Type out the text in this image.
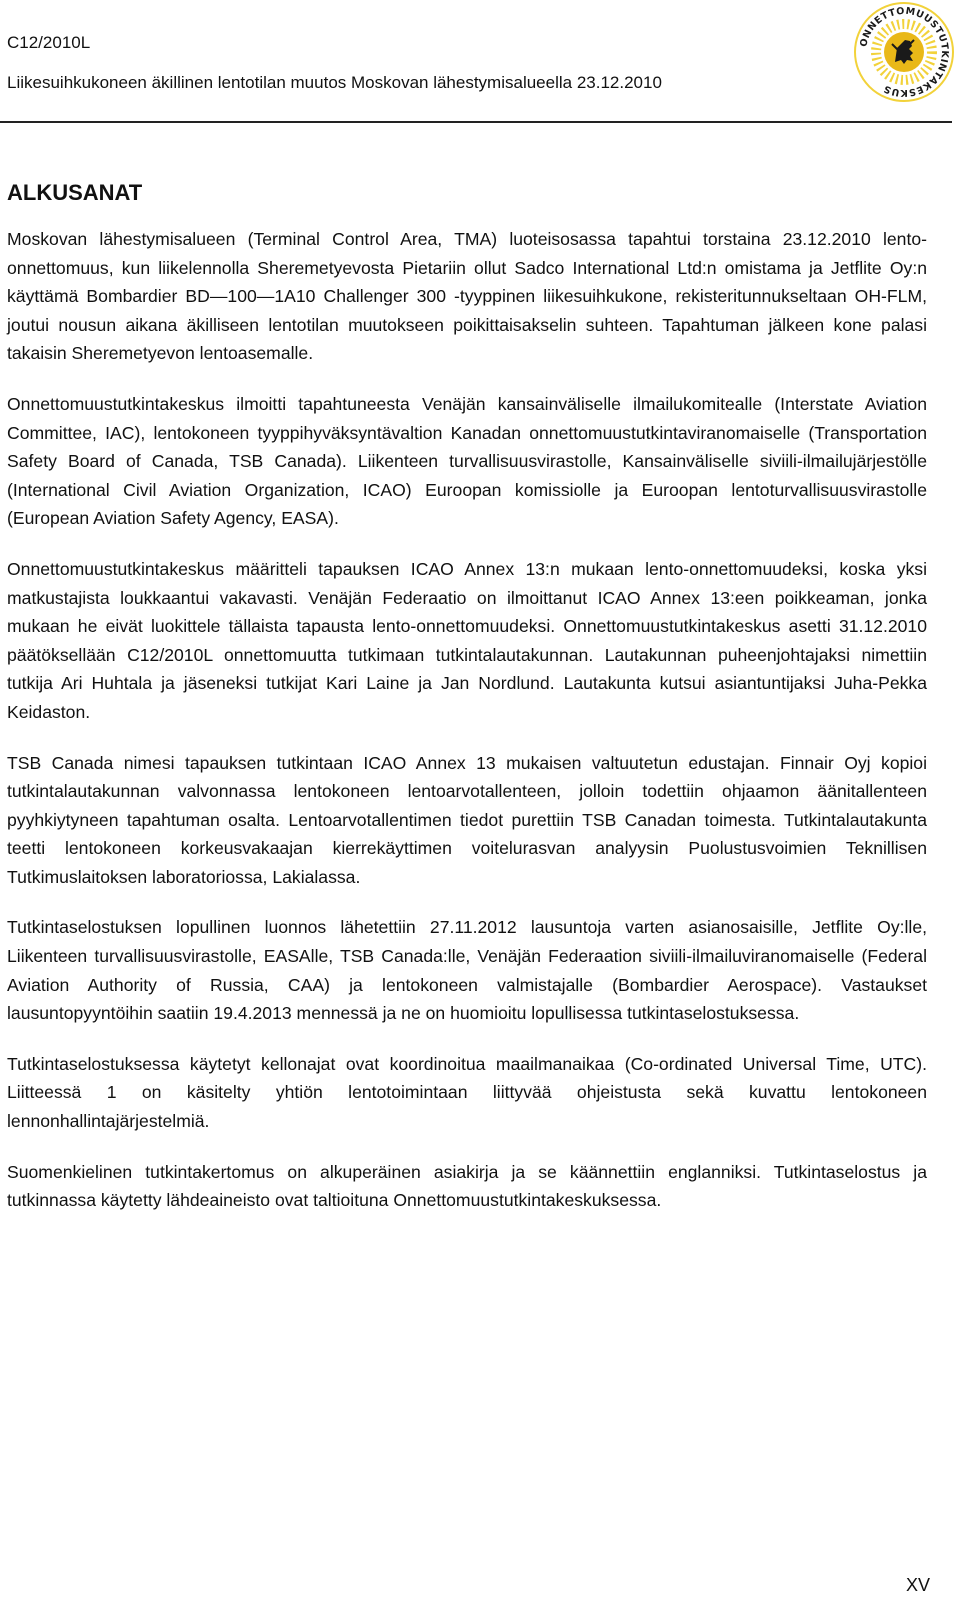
C12/2010L
Liikesuihkukoneen äkillinen lentotilan muutos Moskovan lähestymisalueella 23.12.2010
ONNETTOMUUSTUTKINTAKESKUS
ALKUSANAT

Moskovan lähestymisalueen (Terminal Control Area, TMA) luoteisosassa tapahtui torstaina 23.12.2010 lento-onnettomuus, kun liikelennolla Sheremetyevosta Pietariin ollut Sadco International Ltd:n omistama ja Jetflite Oy:n käyttämä Bombardier BD—100—1A10 Challenger 300 -tyyppinen liikesuihkukone, rekisteritunnukseltaan OH-FLM, joutui nousun aikana äkilliseen lentotilan muutokseen poikittaisakselin suhteen. Tapahtuman jälkeen kone palasi takaisin Sheremetyevon lentoasemalle.

Onnettomuustutkintakeskus ilmoitti tapahtuneesta Venäjän kansainväliselle ilmailukomitealle (Interstate Aviation Committee, IAC), lentokoneen tyyppihyväksyntävaltion Kanadan onnettomuustutkintaviranomaiselle (Transportation Safety Board of Canada, TSB Canada). Liikenteen turvallisuusvirastolle, Kansainväliselle siviili-ilmailujärjestölle (International Civil Aviation Organization, ICAO) Euroopan komissiolle ja Euroopan lentoturvallisuusvirastolle (European Aviation Safety Agency, EASA).

Onnettomuustutkintakeskus määritteli tapauksen ICAO Annex 13:n mukaan lento-onnettomuudeksi, koska yksi matkustajista loukkaantui vakavasti. Venäjän Federaatio on ilmoittanut ICAO Annex 13:een poikkeaman, jonka mukaan he eivät luokittele tällaista tapausta lento-onnettomuudeksi. Onnettomuustutkintakeskus asetti 31.12.2010 päätöksellään C12/2010L onnettomuutta tutkimaan tutkintalautakunnan. Lautakunnan puheenjohtajaksi nimettiin tutkija Ari Huhtala ja jäseneksi tutkijat Kari Laine ja Jan Nordlund. Lautakunta kutsui asiantuntijaksi Juha-Pekka Keidaston.

TSB Canada nimesi tapauksen tutkintaan ICAO Annex 13 mukaisen valtuutetun edustajan. Finnair Oyj kopioi tutkintalautakunnan valvonnassa lentokoneen lentoarvotallenteen, jolloin todettiin ohjaamon äänitallenteen pyyhkiytyneen tapahtuman osalta. Lentoarvotallentimen tiedot purettiin TSB Canadan toimesta. Tutkintalautakunta teetti lentokoneen korkeusvakaajan kierrekäyttimen voitelurasvan analyysin Puolustusvoimien Teknillisen Tutkimuslaitoksen laboratoriossa, Lakialassa.

Tutkintaselostuksen lopullinen luonnos lähetettiin 27.11.2012 lausuntoja varten asianosaisille, Jetflite Oy:lle, Liikenteen turvallisuusvirastolle, EASAlle, TSB Canada:lle, Venäjän Federaation siviili-ilmailuviranomaiselle (Federal Aviation Authority of Russia, CAA) ja lentokoneen valmistajalle (Bombardier Aerospace). Vastaukset lausuntopyyntöihin saatiin 19.4.2013 mennessä ja ne on huomioitu lopullisessa tutkintaselostuksessa.

Tutkintaselostuksessa käytetyt kellonajat ovat koordinoitua maailmanaikaa (Co-ordinated Universal Time, UTC). Liitteessä 1 on käsitelty yhtiön lentotoimintaan liittyvää ohjeistusta sekä kuvattu lentokoneen lennonhallintajärjestelmiä.

Suomenkielinen tutkintakertomus on alkuperäinen asiakirja ja se käännettiin englanniksi. Tutkintaselostus ja tutkinnassa käytetty lähdeaineisto ovat taltioituna Onnettomuustutkintakeskuksessa.

XV
